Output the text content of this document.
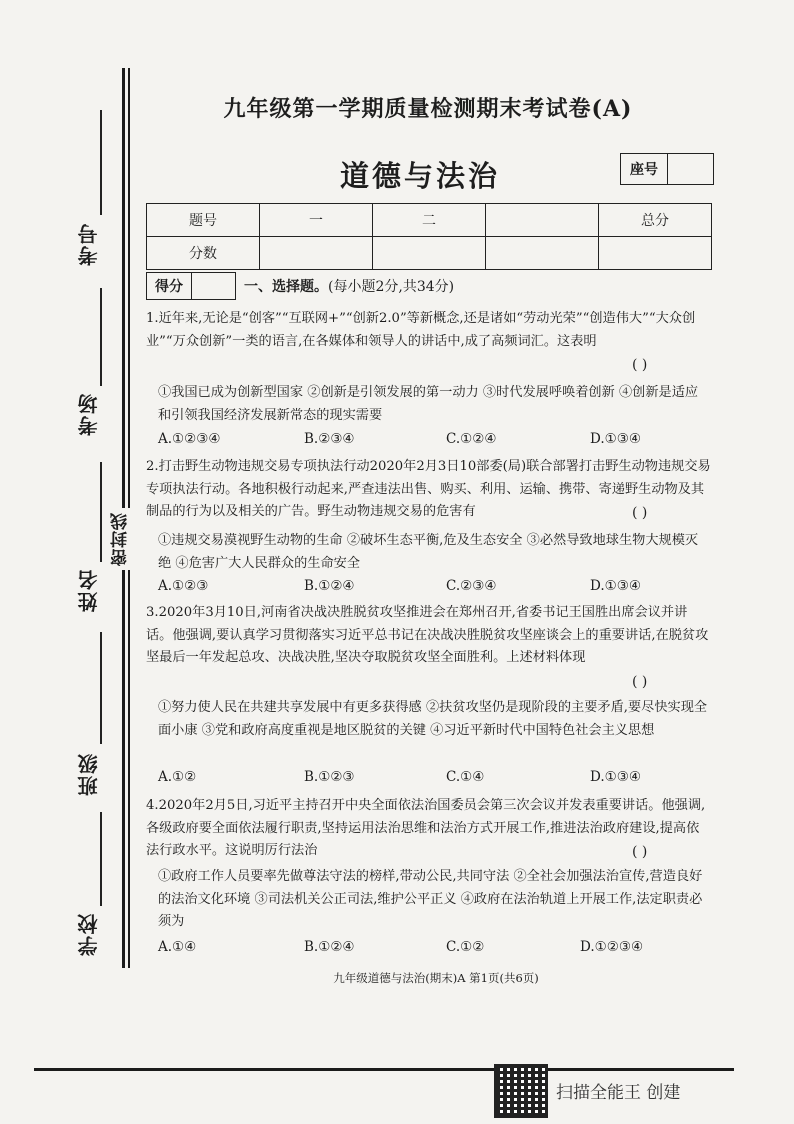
考号
考场
姓名
班级
学校
密封线
九年级第一学期质量检测期末考试卷(A)
道德与法治	座号
题号	一	二		总分
分数				
得分	一、选择题。(每小题2分,共34分)
1.近年来,无论是“创客”“互联网+”“创新2.0”等新概念,还是诸如“劳动光荣”“创造伟大”“大众创业”“万众创新”一类的语言,在各媒体和领导人的讲话中,成了高频词汇。这表明
( )
①我国已成为创新型国家 ②创新是引领发展的第一动力 ③时代发展呼唤着创新 ④创新是适应和引领我国经济发展新常态的现实需要
A.①②③④	B.②③④	C.①②④	D.①③④
2.打击野生动物违规交易专项执法行动2020年2月3日10部委(局)联合部署打击野生动物违规交易专项执法行动。各地积极行动起来,严查违法出售、购买、利用、运输、携带、寄递野生动物及其制品的行为以及相关的广告。野生动物违规交易的危害有	( )
①违规交易漠视野生动物的生命 ②破坏生态平衡,危及生态安全 ③必然导致地球生物大规模灭绝 ④危害广大人民群众的生命安全
A.①②③	B.①②④	C.②③④	D.①③④
3.2020年3月10日,河南省决战决胜脱贫攻坚推进会在郑州召开,省委书记王国胜出席会议并讲话。他强调,要认真学习贯彻落实习近平总书记在决战决胜脱贫攻坚座谈会上的重要讲话,在脱贫攻坚最后一年发起总攻、决战决胜,坚决夺取脱贫攻坚全面胜利。上述材料体现
( )
①努力使人民在共建共享发展中有更多获得感 ②扶贫攻坚仍是现阶段的主要矛盾,要尽快实现全面小康 ③党和政府高度重视是地区脱贫的关键 ④习近平新时代中国特色社会主义思想
A.①②	B.①②③	C.①④	D.①③④
4.2020年2月5日,习近平主持召开中央全面依法治国委员会第三次会议并发表重要讲话。他强调,各级政府要全面依法履行职责,坚持运用法治思维和法治方式开展工作,推进法治政府建设,提高依法行政水平。这说明厉行法治	( )
①政府工作人员要率先做尊法守法的榜样,带动公民,共同守法 ②全社会加强法治宣传,营造良好的法治文化环境 ③司法机关公正司法,维护公平正义 ④政府在法治轨道上开展工作,法定职责必须为
A.①④	B.①②④	C.①②	D.①②③④
九年级道德与法治(期末)A 第1页(共6页)
扫描全能王 创建
